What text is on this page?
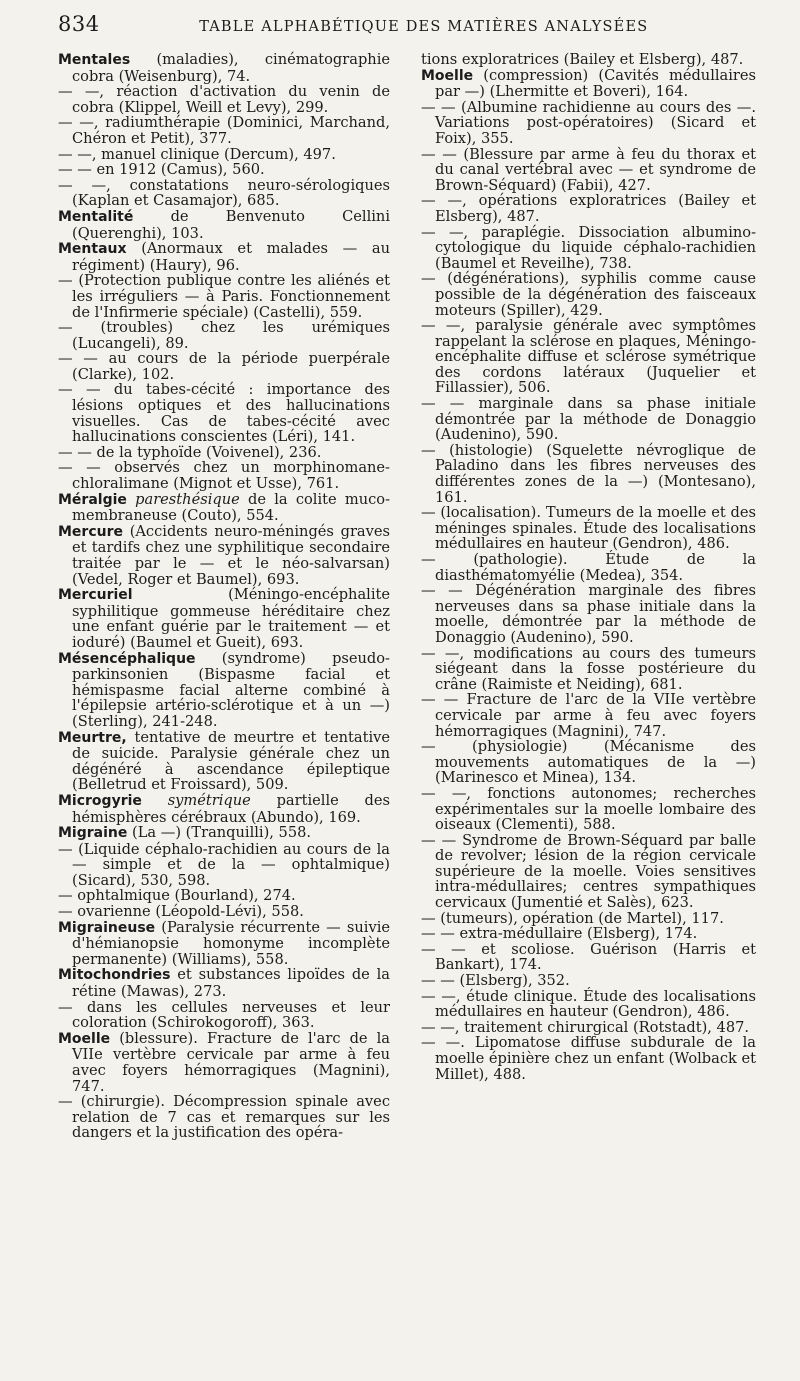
834	TABLE ALPHABÉTIQUE DES MATIÈRES ANALYSÉES

Mentales (maladies), cinématographie cobra (Weisenburg), 74.

— —, réaction d'activation du venin de cobra (Klippel, Weill et Levy), 299.

— —, radiumthérapie (Dominici, Marchand, Chéron et Petit), 377.

— —, manuel clinique (Dercum), 497.

— — en 1912 (Camus), 560.

— —, constatations neuro-sérologiques (Kaplan et Casamajor), 685.

Mentalité de Benvenuto Cellini (Querenghi), 103.

Mentaux (Anormaux et malades — au régiment) (Haury), 96.

— (Protection publique contre les aliénés et les irréguliers — à Paris. Fonctionnement de l'Infirmerie spéciale) (Castelli), 559.

— (troubles) chez les urémiques (Lucangeli), 89.

— — au cours de la période puerpérale (Clarke), 102.

— — du tabes-cécité : importance des lésions optiques et des hallucinations visuelles. Cas de tabes-cécité avec hallucinations conscientes (Léri), 141.

— — de la typhoïde (Voivenel), 236.

— — observés chez un morphinomane-chloralimane (Mignot et Usse), 761.

Méralgie paresthésique de la colite muco-membraneuse (Couto), 554.

Mercure (Accidents neuro-méningés graves et tardifs chez une syphilitique secondaire traitée par le — et le néo-salvarsan) (Vedel, Roger et Baumel), 693.

Mercuriel (Méningo-encéphalite syphilitique gommeuse héréditaire chez une enfant guérie par le traitement — et ioduré) (Baumel et Gueit), 693.

Mésencéphalique (syndrome) pseudo-parkinsonien (Bispasme facial et hémispasme facial alterne combiné à l'épilepsie artério-sclérotique et à un —) (Sterling), 241-248.

Meurtre, tentative de meurtre et tentative de suicide. Paralysie générale chez un dégénéré à ascendance épileptique (Belletrud et Froissard), 509.

Microgyrie symétrique partielle des hémisphères cérébraux (Abundo), 169.

Migraine (La —) (Tranquilli), 558.

— (Liquide céphalo-rachidien au cours de la — simple et de la — ophtalmique) (Sicard), 530, 598.

— ophtalmique (Bourland), 274.

— ovarienne (Léopold-Lévi), 558.

Migraineuse (Paralysie récurrente — suivie d'hémianopsie homonyme incomplète permanente) (Williams), 558.

Mitochondries et substances lipoïdes de la rétine (Mawas), 273.

— dans les cellules nerveuses et leur coloration (Schirokogoroff), 363.

Moelle (blessure). Fracture de l'arc de la VIIe vertèbre cervicale par arme à feu avec foyers hémorragiques (Magnini), 747.

— (chirurgie). Décompression spinale avec relation de 7 cas et remarques sur les dangers et la justification des opéra-

tions exploratrices (Bailey et Elsberg), 487.

Moelle (compression) (Cavités médullaires par —) (Lhermitte et Boveri), 164.

— — (Albumine rachidienne au cours des —. Variations post-opératoires) (Sicard et Foix), 355.

— — (Blessure par arme à feu du thorax et du canal vertébral avec — et syndrome de Brown-Séquard) (Fabii), 427.

— —, opérations exploratrices (Bailey et Elsberg), 487.

— —, paraplégie. Dissociation albumino-cytologique du liquide céphalo-rachidien (Baumel et Reveilhe), 738.

— (dégénérations), syphilis comme cause possible de la dégénération des faisceaux moteurs (Spiller), 429.

— —, paralysie générale avec symptômes rappelant la sclérose en plaques, Méningo-encéphalite diffuse et sclérose symétrique des cordons latéraux (Juquelier et Fillassier), 506.

— — marginale dans sa phase initiale démontrée par la méthode de Donaggio (Audenino), 590.

— (histologie) (Squelette névroglique de Paladino dans les fibres nerveuses des différentes zones de la —) (Montesano), 161.

— (localisation). Tumeurs de la moelle et des méninges spinales. Étude des localisations médullaires en hauteur (Gendron), 486.

— (pathologie). Étude de la diasthématomyélie (Medea), 354.

— — Dégénération marginale des fibres nerveuses dans sa phase initiale dans la moelle, démontrée par la méthode de Donaggio (Audenino), 590.

— —, modifications au cours des tumeurs siégeant dans la fosse postérieure du crâne (Raimiste et Neiding), 681.

— — Fracture de l'arc de la VIIe vertèbre cervicale par arme à feu avec foyers hémorragiques (Magnini), 747.

— (physiologie) (Mécanisme des mouvements automatiques de la —) (Marinesco et Minea), 134.

— —, fonctions autonomes; recherches expérimentales sur la moelle lombaire des oiseaux (Clementi), 588.

— — Syndrome de Brown-Séquard par balle de revolver; lésion de la région cervicale supérieure de la moelle. Voies sensitives intra-médullaires; centres sympathiques cervicaux (Jumentié et Salès), 623.

— (tumeurs), opération (de Martel), 117.

— — extra-médullaire (Elsberg), 174.

— — et scoliose. Guérison (Harris et Bankart), 174.

— — (Elsberg), 352.

— —, étude clinique. Étude des localisations médullaires en hauteur (Gendron), 486.

— —, traitement chirurgical (Rotstadt), 487.

— —. Lipomatose diffuse subdurale de la moelle épinière chez un enfant (Wolback et Millet), 488.
